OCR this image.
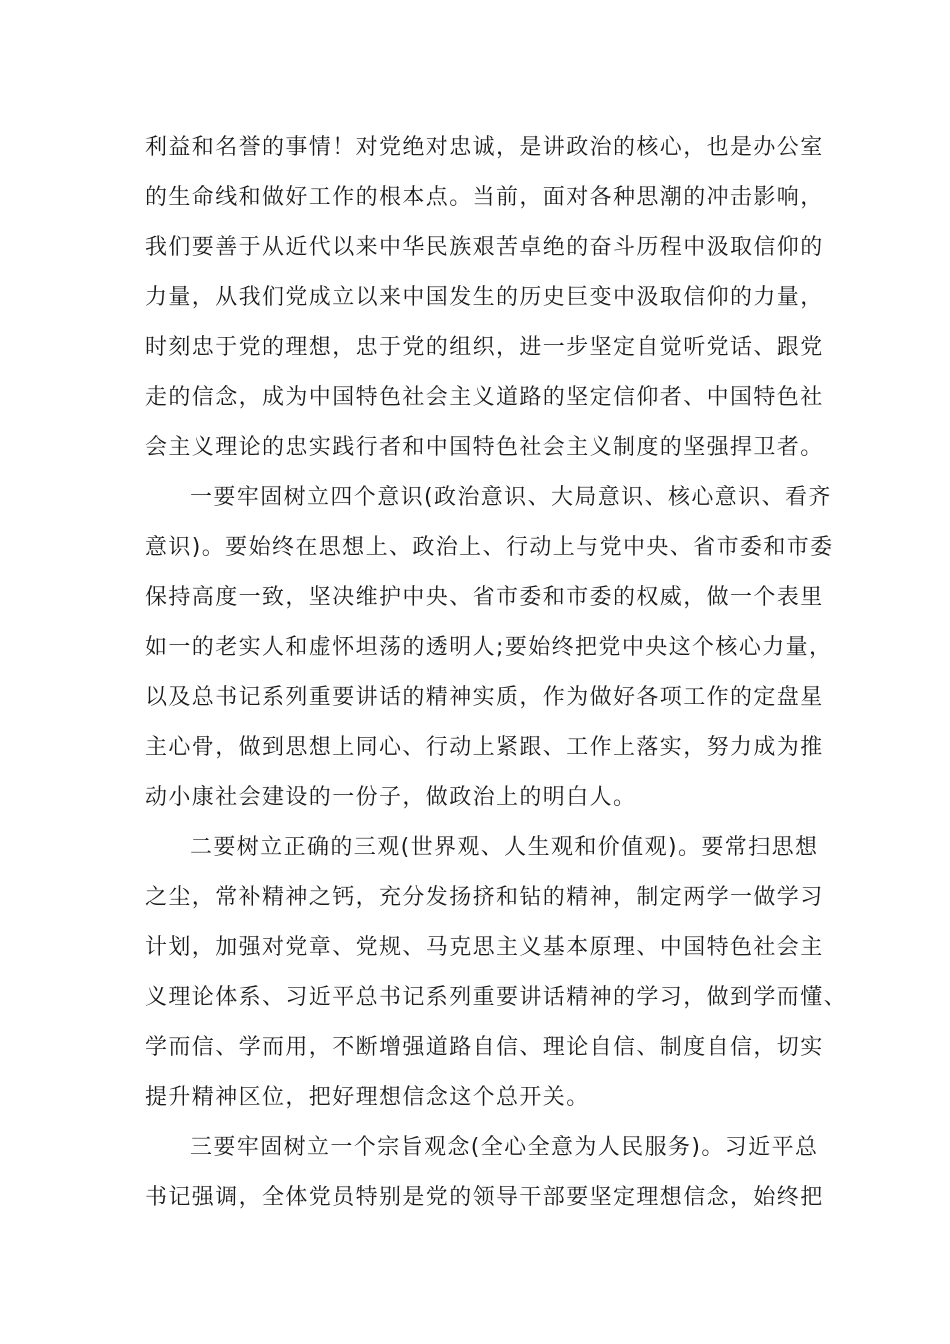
利益和名誉的事情！对党绝对忠诚，是讲政治的核心，也是办公室
的生命线和做好工作的根本点。当前，面对各种思潮的冲击影响，
我们要善于从近代以来中华民族艰苦卓绝的奋斗历程中汲取信仰的
力量，从我们党成立以来中国发生的历史巨变中汲取信仰的力量，
时刻忠于党的理想，忠于党的组织，进一步坚定自觉听党话、跟党
走的信念，成为中国特色社会主义道路的坚定信仰者、中国特色社
会主义理论的忠实践行者和中国特色社会主义制度的坚强捍卫者。
一要牢固树立四个意识(政治意识、大局意识、核心意识、看齐
意识)。要始终在思想上、政治上、行动上与党中央、省市委和市委
保持高度一致，坚决维护中央、省市委和市委的权威，做一个表里
如一的老实人和虚怀坦荡的透明人;要始终把党中央这个核心力量，
以及总书记系列重要讲话的精神实质，作为做好各项工作的定盘星
主心骨，做到思想上同心、行动上紧跟、工作上落实，努力成为推
动小康社会建设的一份子，做政治上的明白人。
二要树立正确的三观(世界观、人生观和价值观)。要常扫思想
之尘，常补精神之钙，充分发扬挤和钻的精神，制定两学一做学习
计划，加强对党章、党规、马克思主义基本原理、中国特色社会主
义理论体系、习近平总书记系列重要讲话精神的学习，做到学而懂、
学而信、学而用，不断增强道路自信、理论自信、制度自信，切实
提升精神区位，把好理想信念这个总开关。
三要牢固树立一个宗旨观念(全心全意为人民服务)。习近平总
书记强调，全体党员特别是党的领导干部要坚定理想信念，始终把
